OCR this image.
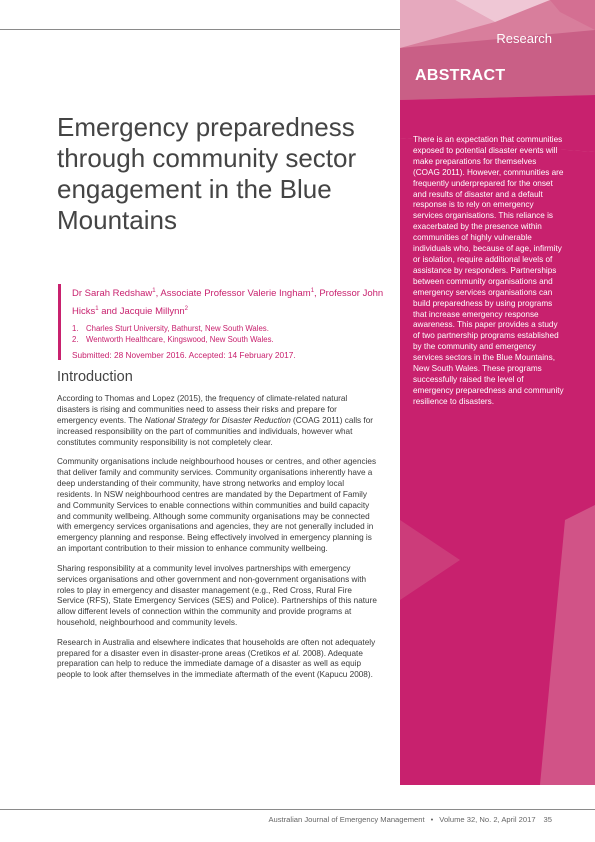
Research
ABSTRACT
There is an expectation that communities exposed to potential disaster events will make preparations for themselves (COAG 2011). However, communities are frequently underprepared for the onset and results of disaster and a default response is to rely on emergency services organisations. This reliance is exacerbated by the presence within communities of highly vulnerable individuals who, because of age, infirmity or isolation, require additional levels of assistance by responders. Partnerships between community organisations and emergency services organisations can build preparedness by using programs that increase emergency response awareness. This paper provides a study of two partnership programs established by the community and emergency services sectors in the Blue Mountains, New South Wales. These programs successfully raised the level of emergency preparedness and community resilience to disasters.
Emergency preparedness through community sector engagement in the Blue Mountains

Dr Sarah Redshaw$^1$, Associate Professor Valerie Ingham$^1$, Professor John Hicks$^1$ and Jacquie Millynn$^2$

1. Charles Sturt University, Bathurst, New South Wales.

2. Wentworth Healthcare, Kingswood, New South Wales.

Submitted: 28 November 2016. Accepted: 14 February 2017.

Introduction

According to Thomas and Lopez (2015), the frequency of climate-related natural disasters is rising and communities need to assess their risks and prepare for emergency events. The National Strategy for Disaster Reduction (COAG 2011) calls for increased responsibility on the part of communities and individuals, however what constitutes community responsibility is not completely clear.

Community organisations include neighbourhood houses or centres, and other agencies that deliver family and community services. Community organisations inherently have a deep understanding of their community, have strong networks and employ local residents. In NSW neighbourhood centres are mandated by the Department of Family and Community Services to enable connections within communities and build capacity and community wellbeing. Although some community organisations may be connected with emergency services organisations and agencies, they are not generally included in emergency planning and response. Being effectively involved in emergency planning is an important contribution to their mission to enhance community wellbeing.

Sharing responsibility at a community level involves partnerships with emergency services organisations and other government and non-government organisations with roles to play in emergency and disaster management (e.g., Red Cross, Rural Fire Service (RFS), State Emergency Services (SES) and Police). Partnerships of this nature allow different levels of connection within the community and provide programs at household, neighbourhood and community levels.

Research in Australia and elsewhere indicates that households are often not adequately prepared for a disaster even in disaster-prone areas (Cretikos et al. 2008). Adequate preparation can help to reduce the immediate damage of a disaster as well as equip people to look after themselves in the immediate aftermath of the event (Kapucu 2008).

Australian Journal of Emergency Management • Volume 32, No. 2, April 2017 35
